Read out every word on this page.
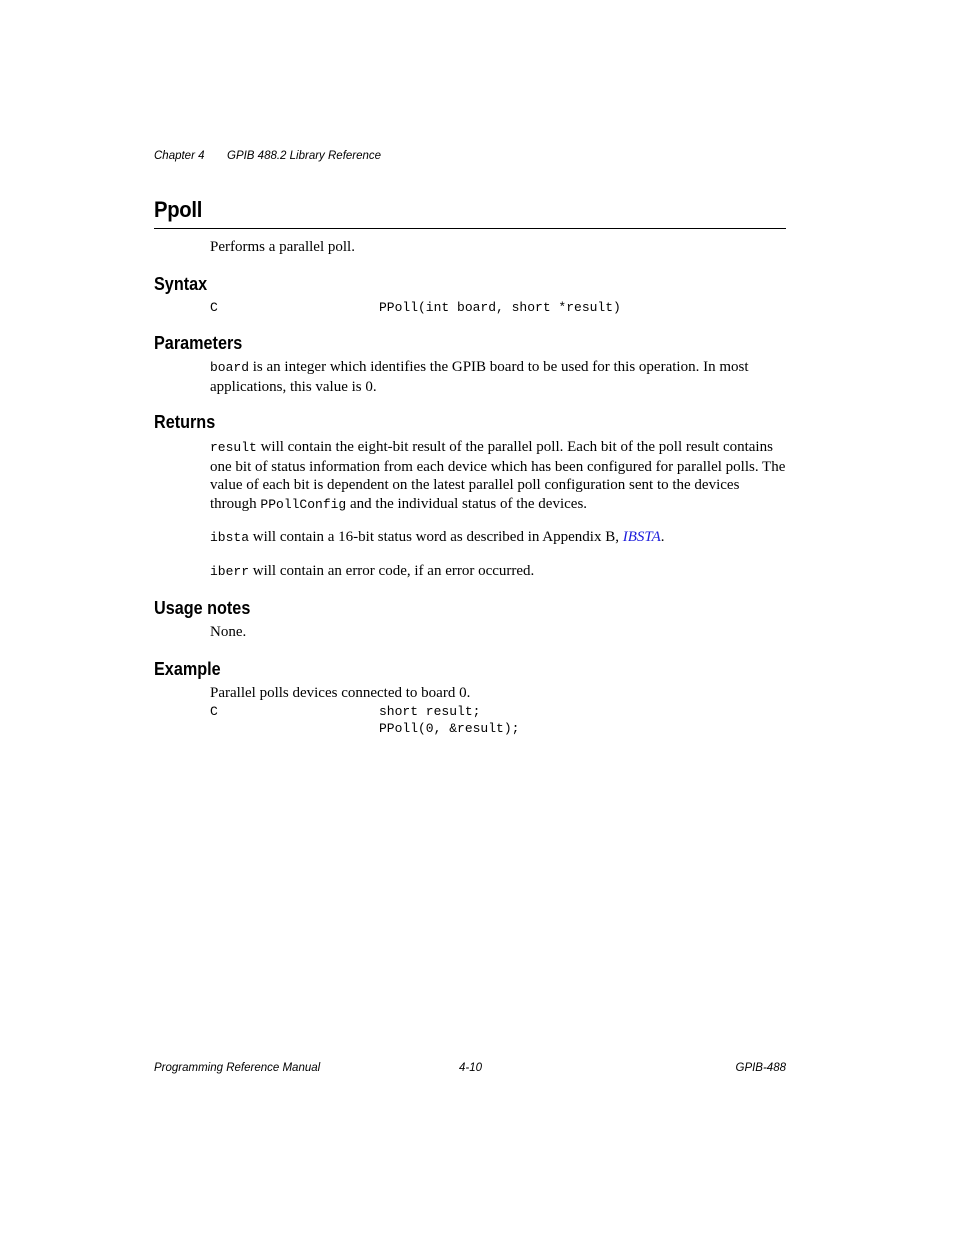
Chapter 4 GPIB 488.2 Library Reference
Ppoll
Performs a parallel poll.
Syntax
C	PPoll(int board, short *result)
Parameters
board is an integer which identifies the GPIB board to be used for this operation. In most applications, this value is 0.
Returns
result will contain the eight-bit result of the parallel poll. Each bit of the poll result contains one bit of status information from each device which has been configured for parallel polls. The value of each bit is dependent on the latest parallel poll configuration sent to the devices through PPollConfig and the individual status of the devices.
ibsta will contain a 16-bit status word as described in Appendix B, IBSTA.
iberr will contain an error code, if an error occurred.
Usage notes
None.
Example
Parallel polls devices connected to board 0.
C	short result;
PPoll(0, &result);
Programming Reference Manual	4-10	GPIB-488
